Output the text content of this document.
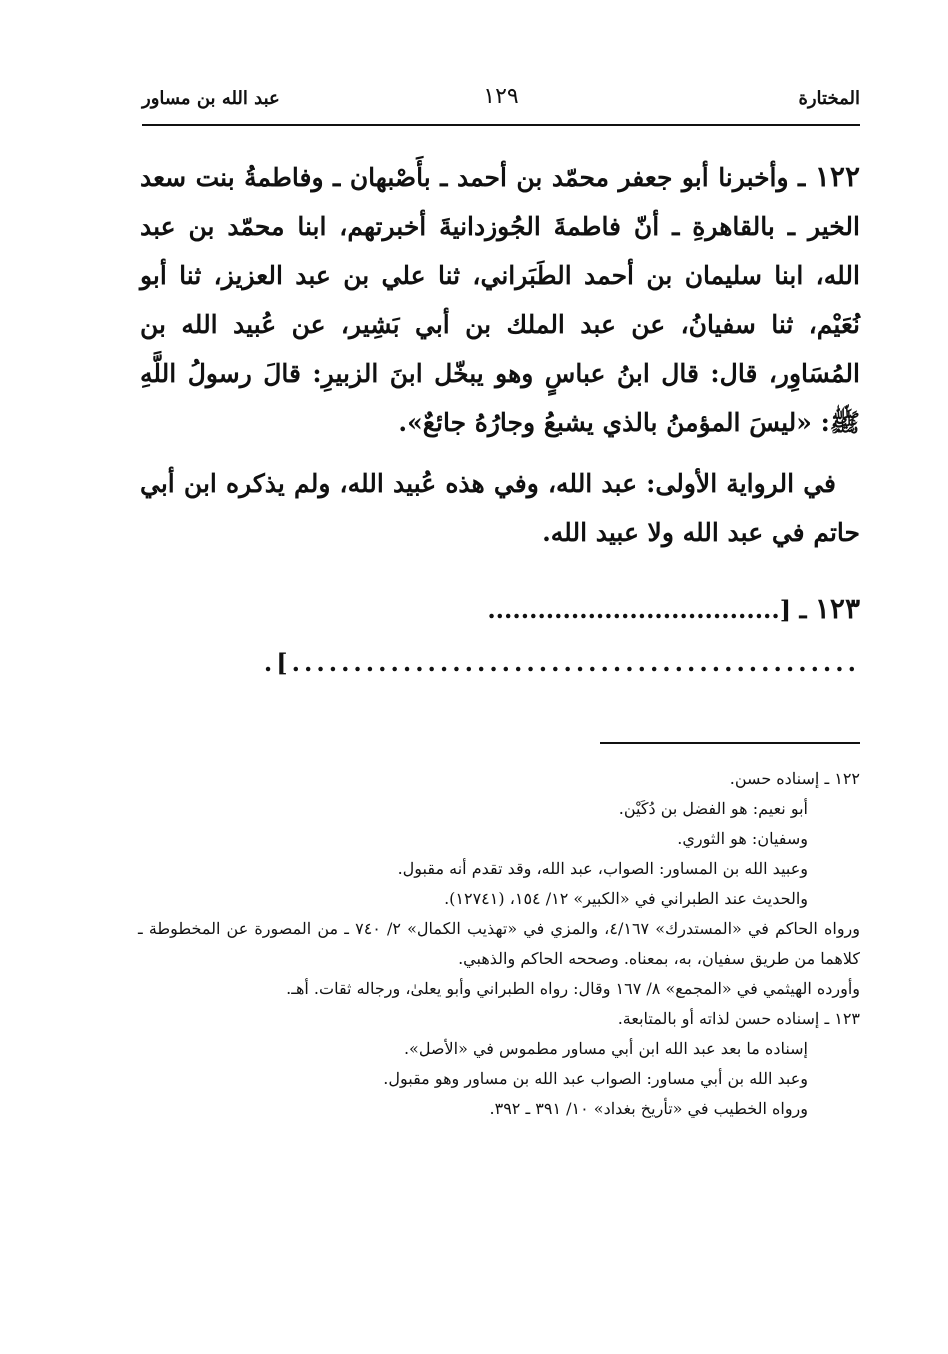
المختارة
١٢٩
عبد الله بن مساور

١٢٢ ـ وأخبرنا أبو جعفر محمّد بن أحمد ـ بأَصْبهان ـ وفاطمةُ بنت سعد الخير ـ بالقاهرةِ ـ أنّ فاطمةَ الجُوزدانيةَ أخبرتهم، ابنا محمّد بن عبد الله، ابنا سليمان بن أحمد الطَبَراني، ثنا علي بن عبد العزيز، ثنا أبو نُعَيْم، ثنا سفيانُ، عن عبد الملك بن أبي بَشِير، عن عُبيد الله بن المُسَاوِر، قال: قال ابنُ عباسٍ وهو يبخّل ابنَ الزبيرِ: قالَ رسولُ اللَّهِ ﷺ: «ليسَ المؤمنُ بالذي يشبعُ وجارُهُ جائعٌ».

في الرواية الأولى: عبد الله، وفي هذه عُبيد الله، ولم يذكره ابن أبي حاتم في عبد الله ولا عبيد الله.

١٢٣ ـ [...................................
..............................................].

١٢٢ ـ إسناده حسن.

أبو نعيم: هو الفضل بن دُكَيْن.

وسفيان: هو الثوري.

وعبيد الله بن المساور: الصواب، عبد الله، وقد تقدم أنه مقبول.

والحديث عند الطبراني في «الكبير» ١٢/ ١٥٤، (١٢٧٤١).

ورواه الحاكم في «المستدرك» ٤/١٦٧، والمزي في «تهذيب الكمال» ٢/ ٧٤٠ ـ من المصورة عن المخطوطة ـ كلاهما من طريق سفيان، به، بمعناه. وصححه الحاكم والذهبي.

وأورده الهيثمي في «المجمع» ٨/ ١٦٧ وقال: رواه الطبراني وأبو يعلىٰ، ورجاله ثقات. أهـ.

١٢٣ ـ إسناده حسن لذاته أو بالمتابعة.

إسناده ما بعد عبد الله ابن أبي مساور مطموس في «الأصل».

وعبد الله بن أبي مساور: الصواب عبد الله بن مساور وهو مقبول.

ورواه الخطيب في «تأريخ بغداد» ١٠/ ٣٩١ ـ ٣٩٢.
